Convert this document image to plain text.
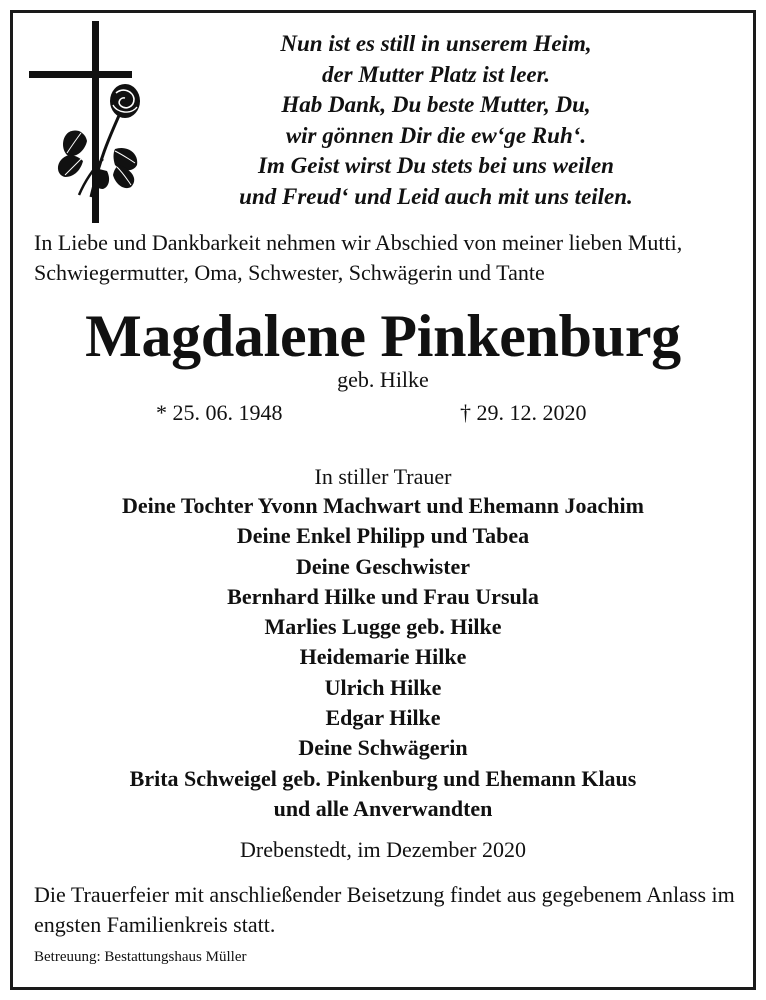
Nun ist es still in unserem Heim,
der Mutter Platz ist leer.
Hab Dank, Du beste Mutter, Du,
wir gönnen Dir die ew‘ge Ruh‘.
Im Geist wirst Du stets bei uns weilen
und Freud‘ und Leid auch mit uns teilen.
In Liebe und Dankbarkeit nehmen wir Abschied von meiner lieben Mutti, Schwiegermutter, Oma, Schwester, Schwägerin und Tante
Magdalene Pinkenburg
geb. Hilke
* 25. 06. 1948	† 29. 12. 2020
In stiller Trauer
Deine Tochter Yvonn Machwart und Ehemann Joachim
Deine Enkel Philipp und Tabea
Deine Geschwister
Bernhard Hilke und Frau Ursula
Marlies Lugge geb. Hilke
Heidemarie Hilke
Ulrich Hilke
Edgar Hilke
Deine Schwägerin
Brita Schweigel geb. Pinkenburg und Ehemann Klaus
und alle Anverwandten
Drebenstedt, im Dezember 2020
Die Trauerfeier mit anschließender Beisetzung findet aus gegebenem Anlass im engsten Familienkreis statt.
Betreuung: Bestattungshaus Müller
